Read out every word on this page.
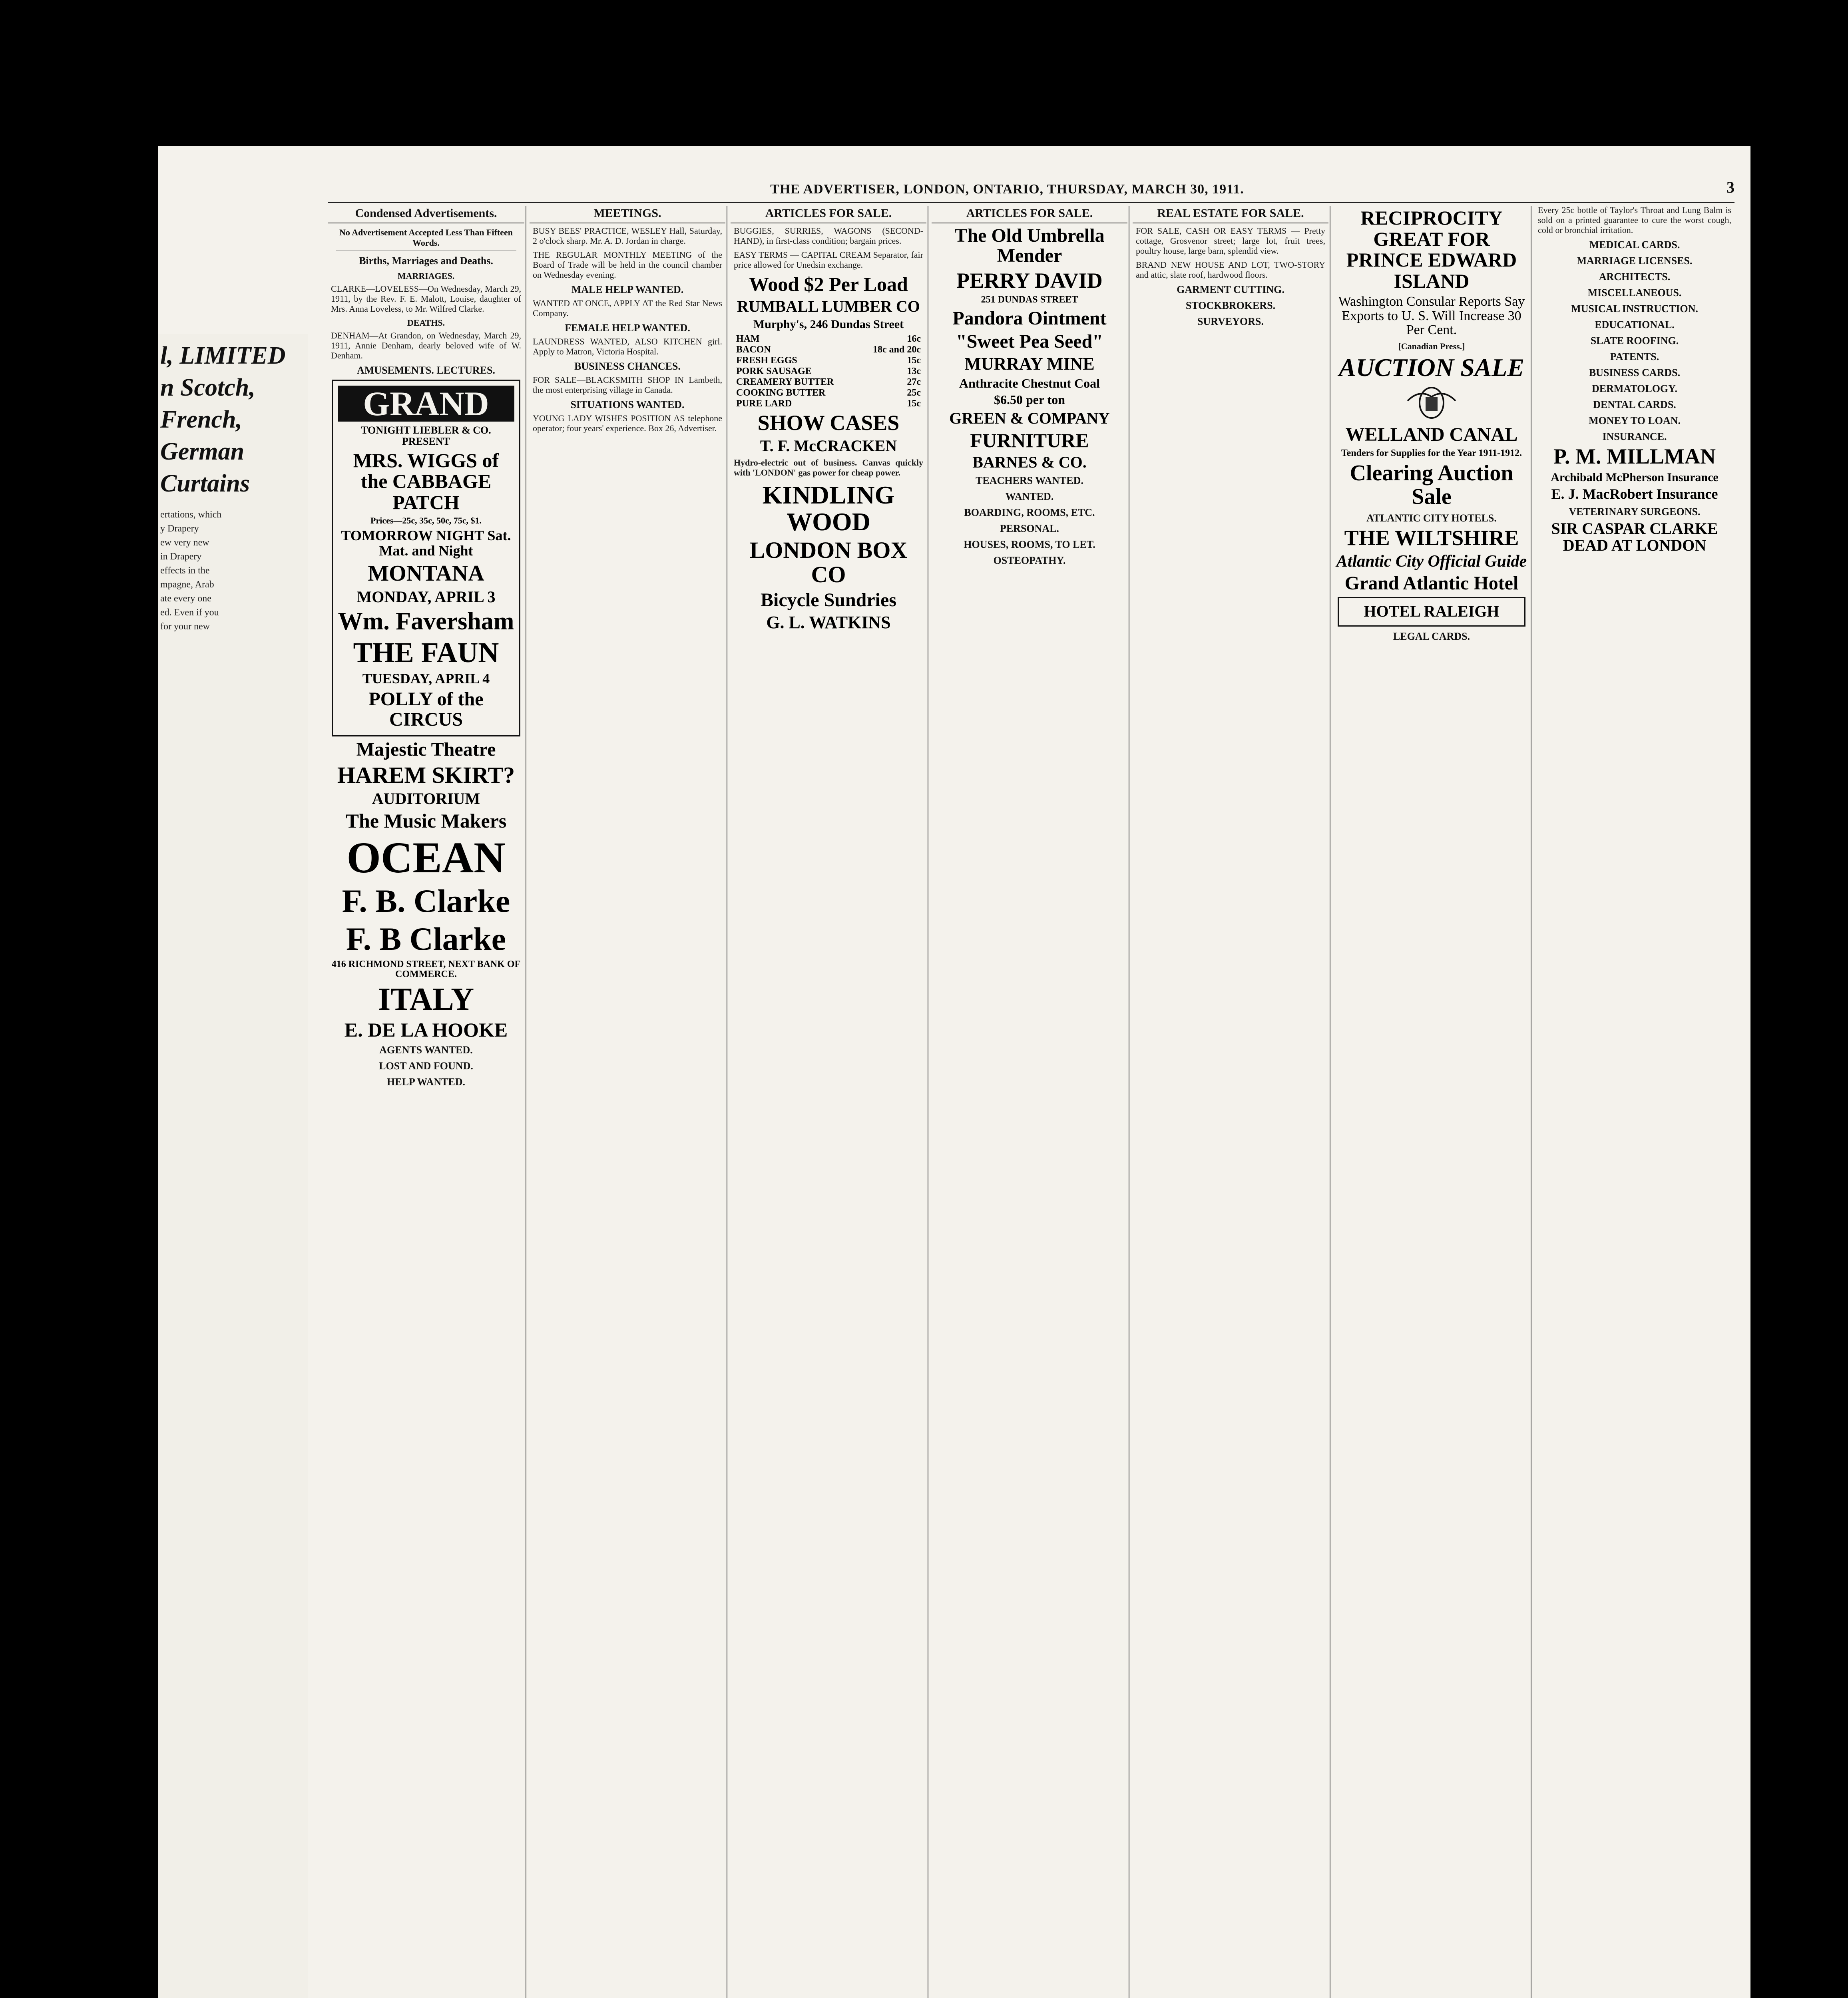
l, LIMITED
n Scotch,
French,
German
Curtains
ertations, which
y Drapery
ew very new
in Drapery
effects in the
mpagne, Arab
ate every one
ed. Even if you
for your new
THE ADVERTISER, LONDON, ONTARIO, THURSDAY, MARCH 30, 1911.	3
Condensed Advertisements.
No Advertisement Accepted Less Than Fifteen Words.
Births, Marriages and Deaths.
MARRIAGES.
CLARKE—LOVELESS—On Wednesday, March 29, 1911, by the Rev. F. E. Malott, Louise, daughter of Mrs. Anna Loveless, to Mr. Wilfred Clarke.
DEATHS.
DENHAM—At Grandon, on Wednesday, March 29, 1911, Annie Denham, dearly beloved wife of W. Denham.
AMUSEMENTS. LECTURES.
GRAND
TONIGHT LIEBLER & CO. PRESENT
MRS. WIGGS of the CABBAGE PATCH
Prices—25c, 35c, 50c, 75c, $1.
TOMORROW NIGHT Sat. Mat. and Night
MONTANA
MONDAY, APRIL 3
Wm. Faversham
THE FAUN
TUESDAY, APRIL 4
POLLY of the CIRCUS
Majestic Theatre
HAREM SKIRT?
AUDITORIUM
The Music Makers
OCEAN
F. B. Clarke
F. B Clarke
416 RICHMOND STREET, NEXT BANK OF COMMERCE.
ITALY
E. DE LA HOOKE
AGENTS WANTED.
LOST AND FOUND.
HELP WANTED.
MEETINGS.
BUSY BEES' PRACTICE, WESLEY Hall, Saturday, 2 o'clock sharp. Mr. A. D. Jordan in charge.
THE REGULAR MONTHLY MEETING of the Board of Trade will be held in the council chamber on Wednesday evening.
MALE HELP WANTED.
WANTED AT ONCE, APPLY AT the Red Star News Company.
FEMALE HELP WANTED.
LAUNDRESS WANTED, ALSO KITCHEN girl. Apply to Matron, Victoria Hospital.
BUSINESS CHANCES.
FOR SALE—BLACKSMITH SHOP IN Lambeth, the most enterprising village in Canada.
SITUATIONS WANTED.
YOUNG LADY WISHES POSITION AS telephone operator; four years' experience. Box 26, Advertiser.
ARTICLES FOR SALE.
BUGGIES, SURRIES, WAGONS (SECOND-HAND), in first-class condition; bargain prices.
EASY TERMS — CAPITAL CREAM Separator, fair price allowed for Unedsin exchange.
Wood $2 Per Load
RUMBALL LUMBER CO
Murphy's, 246 Dundas Street
HAM	16c
BACON	18c and 20c
FRESH EGGS	15c
PORK SAUSAGE	13c
CREAMERY BUTTER	27c
COOKING BUTTER	25c
PURE LARD	15c
SHOW CASES
T. F. McCRACKEN
Hydro-electric out of business. Canvas quickly with 'LONDON' gas power for cheap power.
KINDLING WOOD
LONDON BOX CO
Bicycle Sundries
G. L. WATKINS
ARTICLES FOR SALE.
The Old Umbrella Mender
PERRY DAVID
251 DUNDAS STREET
Pandora Ointment
"Sweet Pea Seed"
MURRAY MINE
Anthracite Chestnut Coal
$6.50 per ton
GREEN & COMPANY
FURNITURE
BARNES & CO.
TEACHERS WANTED.
WANTED.
BOARDING, ROOMS, ETC.
PERSONAL.
HOUSES, ROOMS, TO LET.
OSTEOPATHY.
REAL ESTATE FOR SALE.
FOR SALE, CASH OR EASY TERMS — Pretty cottage, Grosvenor street; large lot, fruit trees, poultry house, large barn, splendid view.
BRAND NEW HOUSE AND LOT, TWO-STORY and attic, slate roof, hardwood floors.
GARMENT CUTTING.
STOCKBROKERS.
SURVEYORS.
RECIPROCITY GREAT FOR PRINCE EDWARD ISLAND
Washington Consular Reports Say Exports to U. S. Will Increase 30 Per Cent.
[Canadian Press.]
AUCTION SALE
WELLAND CANAL
Tenders for Supplies for the Year 1911-1912.
Clearing Auction Sale
ATLANTIC CITY HOTELS.
THE WILTSHIRE
Atlantic City Official Guide
Grand Atlantic Hotel
HOTEL RALEIGH
LEGAL CARDS.
Every 25c bottle of Taylor's Throat and Lung Balm is sold on a printed guarantee to cure the worst cough, cold or bronchial irritation.
MEDICAL CARDS.
MARRIAGE LICENSES.
ARCHITECTS.
MISCELLANEOUS.
MUSICAL INSTRUCTION.
EDUCATIONAL.
SLATE ROOFING.
PATENTS.
BUSINESS CARDS.
DERMATOLOGY.
DENTAL CARDS.
MONEY TO LOAN.
INSURANCE.
P. M. MILLMAN
Archibald McPherson Insurance
E. J. MacRobert Insurance
VETERINARY SURGEONS.
SIR CASPAR CLARKE DEAD AT LONDON
